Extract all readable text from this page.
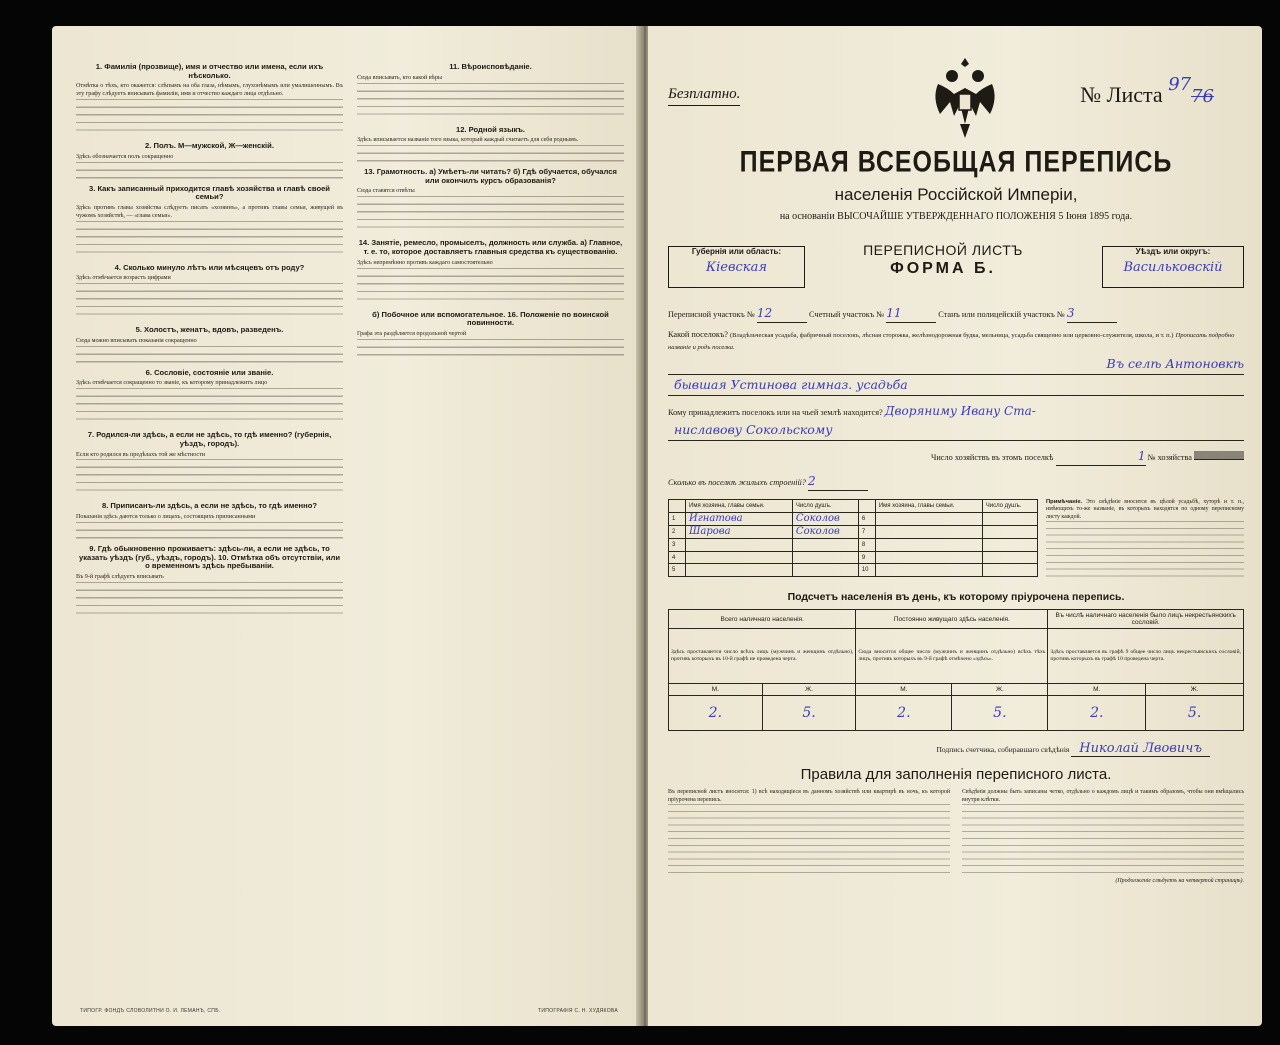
1. Фамилія (прозвище), имя и отчество или имена, если ихъ нѣсколько.
Отмѣтка о тѣхъ, кто окажется: слѣпымъ на оба глаза, нѣмымъ, глухонѣмымъ или умалишеннымъ. Въ эту графу слѣдуетъ вписывать фамиліи, имя и отчество каждаго лица отдѣльно.
2. Полъ. М—мужской, Ж—женскій.
Здѣсь обозначается полъ сокращенно
3. Какъ записанный приходится главѣ хозяйства и главѣ своей семьи?
Здѣсь противъ главы хозяйства слѣдуетъ писать «хозяинъ», а противъ главы семьи, живущей въ чужомъ хозяйствѣ, — «глава семьи».
4. Сколько минуло лѣтъ или мѣсяцевъ отъ роду?
Здѣсь отмѣчается возрастъ цифрами
5. Холостъ, женатъ, вдовъ, разведенъ.
Сюда можно вписывать показанія сокращенно
6. Сословіе, состояніе или званіе.
Здѣсь отмѣчается сокращенно то званіе, къ которому принадлежитъ лицо
7. Родился-ли здѣсь, а если не здѣсь, то гдѣ именно? (губернія, уѣздъ, городъ).
Если кто родился въ предѣлахъ той же мѣстности
8. Приписанъ-ли здѣсь, а если не здѣсь, то гдѣ именно?
Показанія здѣсь даются только о лицахъ, состоящихъ приписанными
9. Гдѣ обыкновенно проживаетъ: здѣсь-ли, а если не здѣсь, то указать уѣздъ (губ., уѣздъ, городъ). 10. Отмѣтка объ отсутствіи, или о временномъ здѣсь пребываніи.
Въ 9-й графѣ слѣдуетъ вписывать
11. Вѣроисповѣданіе.
Сюда вписывать, кто какой вѣры
12. Родной языкъ.
Здѣсь вписывается названіе того языка, который каждый считаетъ для себя роднымъ.
13. Грамотность. а) Умѣетъ-ли читать? б) Гдѣ обучается, обучался или окончилъ курсъ образованія?
Сюда ставятся отвѣты
14. Занятіе, ремесло, промыселъ, должность или служба. а) Главное, т. е. то, которое доставляетъ главныя средства къ существованію.
Здѣсь непремѣнно противъ каждаго самостоятельно
б) Побочное или вспомогательное. 16. Положеніе по воинской повинности.
Графа эта раздѣляется продольной чертой
ТИПОГР. ФОНДЪ СЛОВОЛИТНИ О. И. ЛЕМАНЪ, СПБ.	ТИПОГРАФІЯ С. Н. ХУДЯКОВА
Безплатно.	№ Листа $^{97}$76
ПЕРВАЯ ВСЕОБЩАЯ ПЕРЕПИСЬ
населенія Россійской Имперіи,
на основаніи ВЫСОЧАЙШЕ УТВЕРЖДЕННАГО ПОЛОЖЕНІЯ 5 Іюня 1895 года.
Губернія или область:
Кіевская
ПЕРЕПИСНОЙ ЛИСТЪ
ФОРМА Б.
Уѣздъ или округъ:
Васильковскій
Переписной участокъ № 12	Счетный участокъ № 11	Станъ или полицейскій участокъ № 3
Какой поселокъ? (Владѣльческая усадьба, фабричный поселокъ, лѣсная сторожка, желѣзнодорожная будка, мельница, усадьба священно или церковно-служителя, школа, и т. п.) Прописать подробно названіе и родъ поселка.
Въ селѣ Антоновкѣ
бывшая Устинова гимназ. усадьба
Кому принадлежитъ поселокъ или на чьей землѣ находится? Дворяниму Ивану Ста-
ниславову Сокольскому
Число хозяйствъ въ этомъ поселкѣ	1 № хозяйства
Сколько въ поселкѣ жилыхъ строеній? 2
	Имя хозяина, главы семьи.	Число душъ.		Имя хозяина, главы семьи.	Число душъ.
1	Игнатова	Соколов	6		
2	Шарова	Соколов	7		
3			8		
4			9		
5			10		
Примѣчаніе. Это свѣдѣніе вносится въ цѣлой усадьбѣ, хуторѣ и т. п., имѣющихъ то-же названіе, въ которыхъ находятся по одному переписному листу каждой.
Подсчетъ населенія въ день, къ которому пріурочена перепись.
Всего наличнаго населенія.		Постоянно живущаго здѣсь населенія.		Въ числѣ наличнаго населенія было лицъ некрестьянскихъ сословій.	
Здѣсь проставляется число всѣхъ лицъ (мужчинъ и женщинъ отдѣльно), противъ которыхъ въ 10-й графѣ не проведена черта.		Сюда вносится общее число (мужчинъ и женщинъ отдѣльно) всѣхъ тѣхъ лицъ, противъ которыхъ въ 9-й графѣ отмѣчено «здѣсь».		Здѣсь проставляется въ графѣ 9 общее число лицъ некрестьянскихъ сословій, противъ которыхъ въ графѣ 10 проведена черта.	
М.	Ж.	М.	Ж.	М.	Ж.
2.	5.	2.	5.	2.	5.
Подпись счетчика, собиравшаго свѣдѣнія Николай Лвовичъ
Правила для заполненія переписного листа.
Въ переписной листъ вносятся: 1) всѣ находящіеся въ данномъ хозяйствѣ или квартирѣ въ ночь, къ которой пріурочена перепись.
Свѣдѣнія должны быть записаны четко, отдѣльно о каждомъ лицѣ и такимъ образомъ, чтобы они вмѣщались внутри клѣтки.
(Продолженіе слѣдуетъ на четвертой страницѣ).
